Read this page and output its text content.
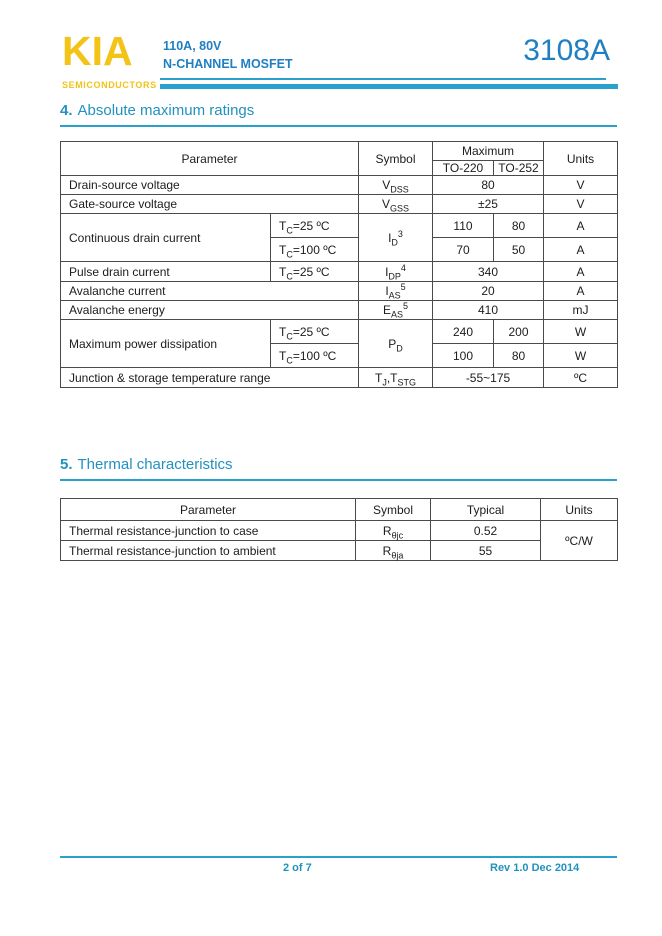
KIA
SEMICONDUCTORS
110A, 80V
N-CHANNEL MOSFET	3108A
4. Absolute maximum ratings
Parameter		Symbol	Maximum		Units
			TO-220	TO-252	
Drain-source voltage		$V_{DSS}$	80		V
Gate-source voltage		$V_{GSS}$	±25		V
Continuous drain current	$T_C=25$ ºC	$I_D^3$	110	80	A
	$T_C=100$ ºC		70	50	A
Pulse drain current	$T_C=25$ ºC	$I_{DP}^4$	340		A
Avalanche current		$I_{AS}^5$	20		A
Avalanche energy		$E_{AS}^5$	410		mJ
Maximum power dissipation	$T_C=25$ ºC	$P_D$	240	200	W
	$T_C=100$ ºC		100	80	W
Junction & storage temperature range		$T_J,T_{STG}$	-55~175		ºC
5. Thermal characteristics
Parameter	Symbol	Typical	Units
Thermal resistance-junction to case	$R_{\theta jc}$	0.52	ºC/W
Thermal resistance-junction to ambient	$R_{\theta ja}$	55	
2 of 7	Rev 1.0 Dec 2014
